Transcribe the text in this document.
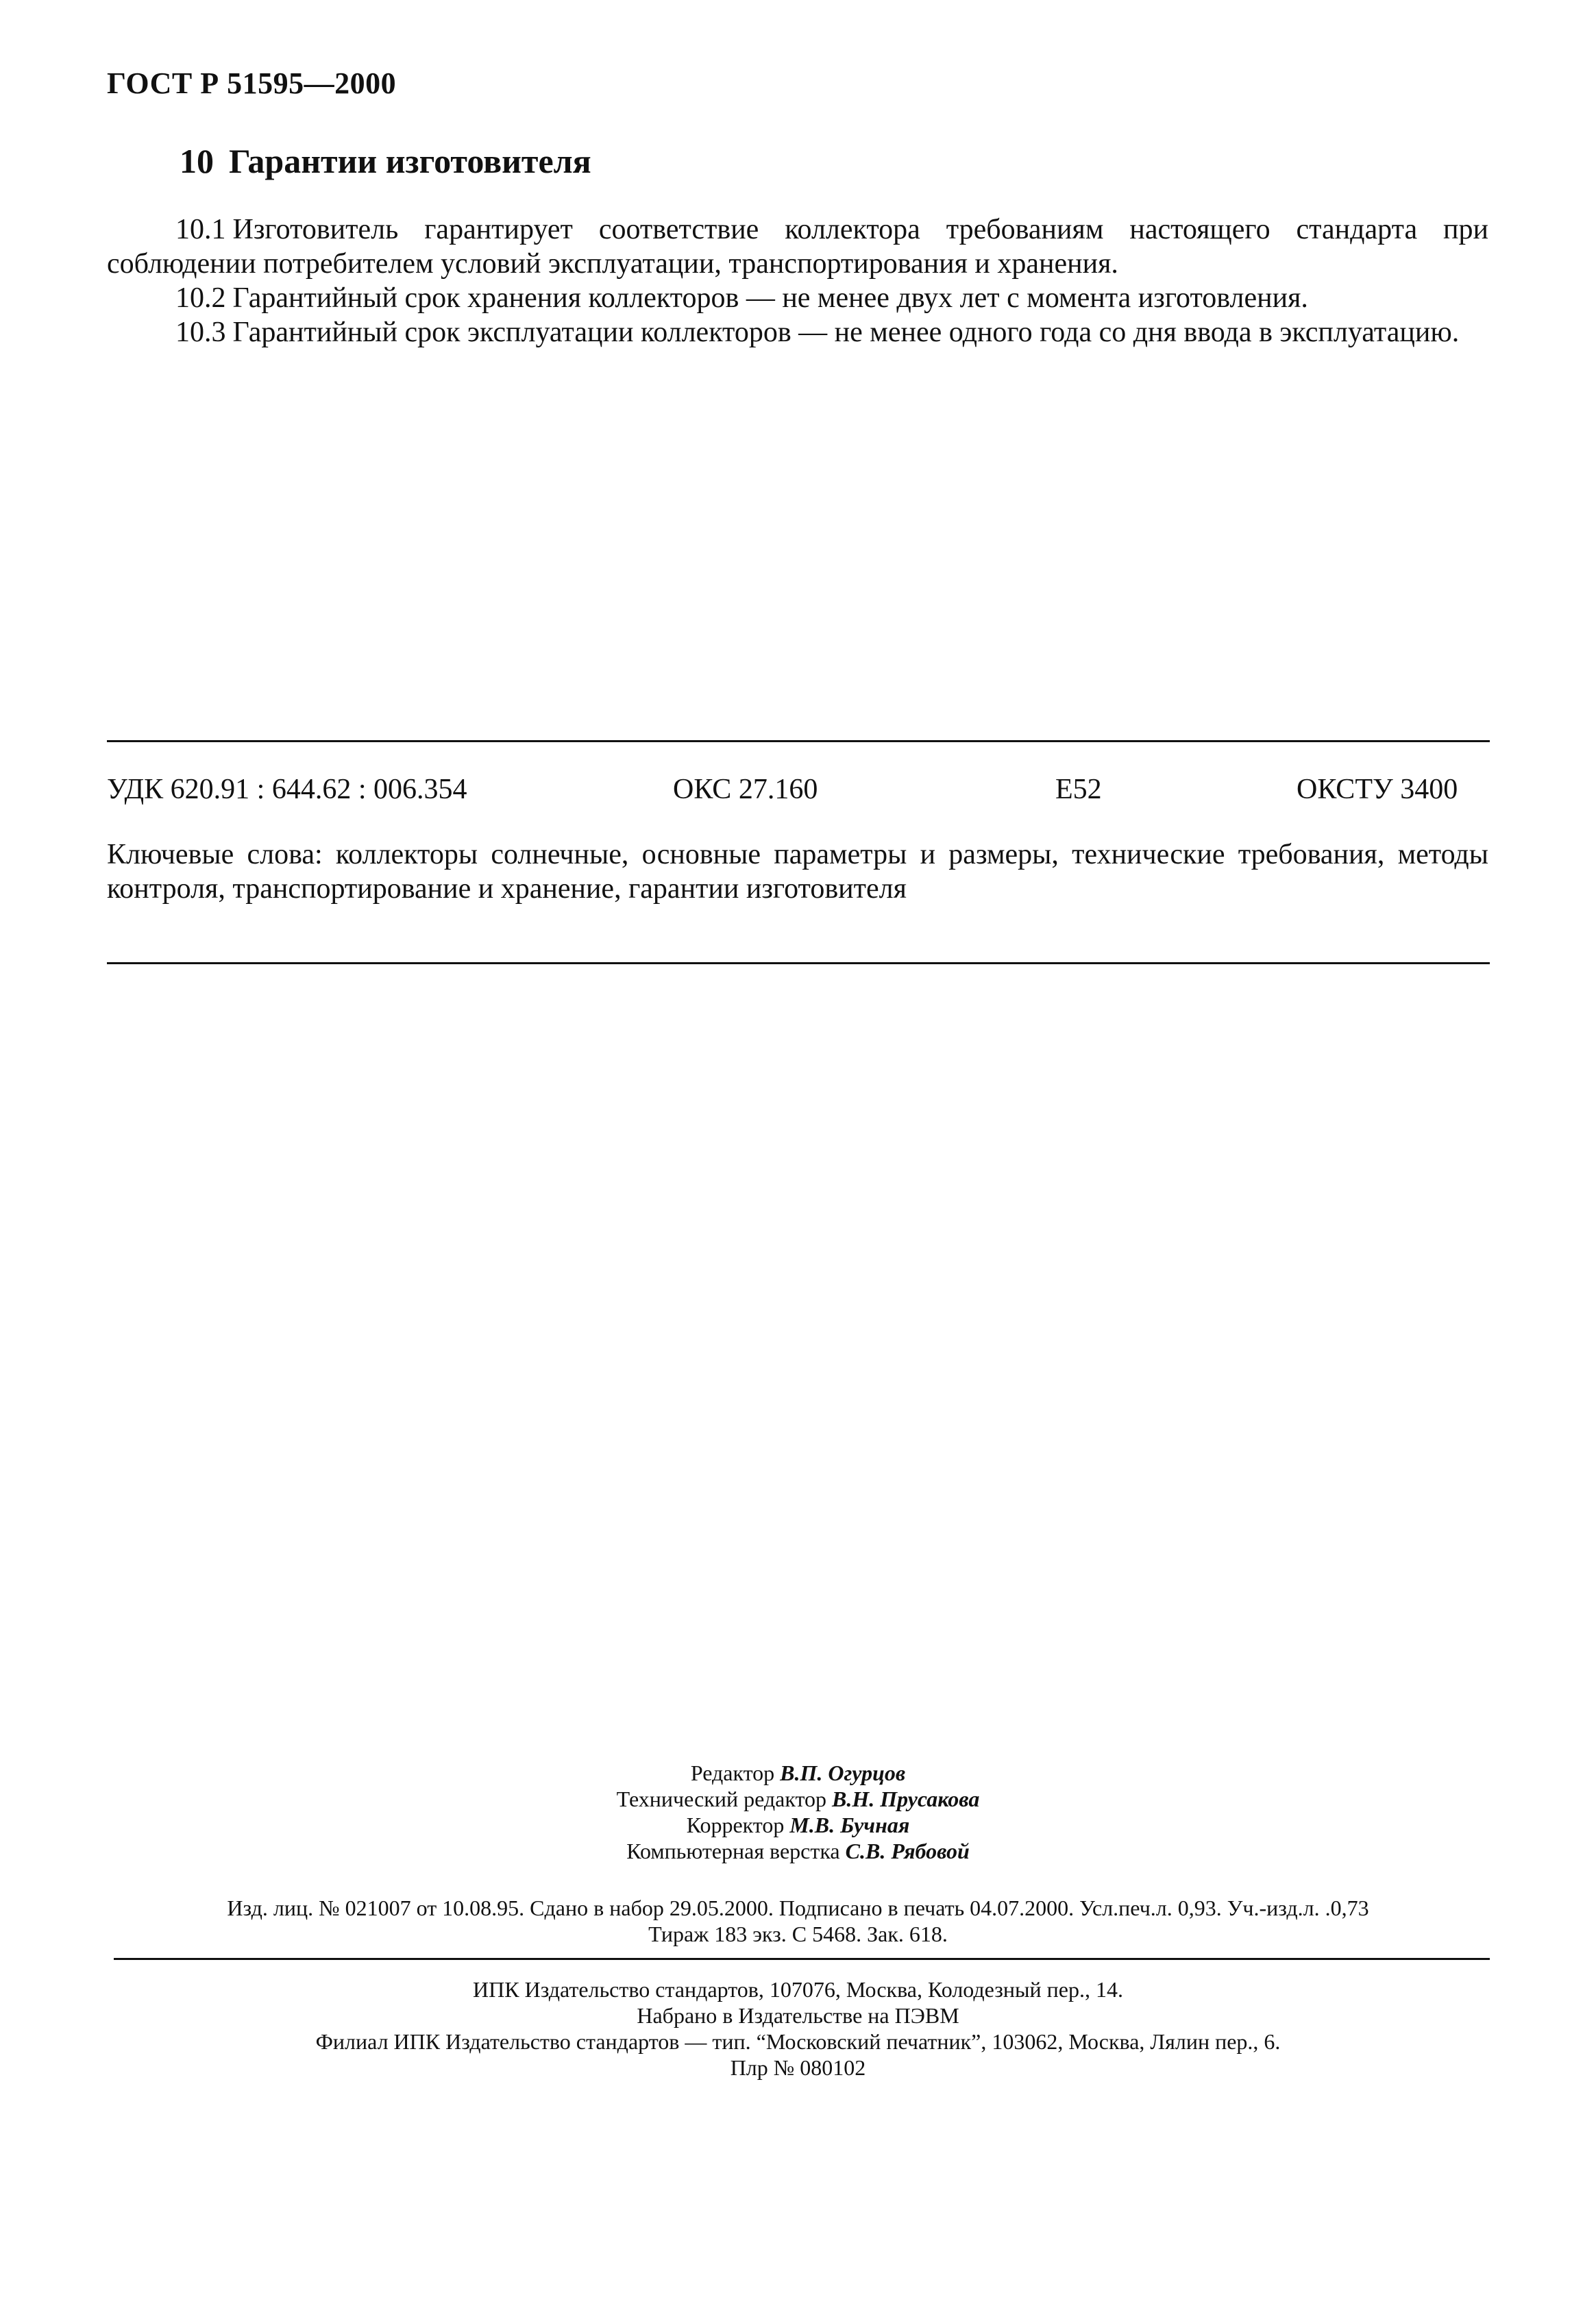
ГОСТ Р 51595—2000
10 Гарантии изготовителя

10.1 Изготовитель гарантирует соответствие коллектора требованиям настоящего стандарта при соблюдении потребителем условий эксплуатации, транспортирования и хранения.

10.2 Гарантийный срок хранения коллекторов — не менее двух лет с момента изготовления.

10.3 Гарантийный срок эксплуатации коллекторов — не менее одного года со дня ввода в эксплуатацию.

УДК 620.91 : 644.62 : 006.354	ОКС 27.160	Е52	ОКСТУ 3400
Ключевые слова: коллекторы солнечные, основные параметры и размеры, технические требования, методы контроля, транспортирование и хранение, гарантии изготовителя
Редактор В.П. Огурцов
Технический редактор В.Н. Прусакова
Корректор М.В. Бучная
Компьютерная верстка С.В. Рябовой
Изд. лиц. № 021007 от 10.08.95. Сдано в набор 29.05.2000. Подписано в печать 04.07.2000. Усл.печ.л. 0,93. Уч.-изд.л. .0,73
Тираж 183 экз. С 5468. Зак. 618.
ИПК Издательство стандартов, 107076, Москва, Колодезный пер., 14.
Набрано в Издательстве на ПЭВМ
Филиал ИПК Издательство стандартов — тип. “Московский печатник”, 103062, Москва, Лялин пер., 6.
Плр № 080102
